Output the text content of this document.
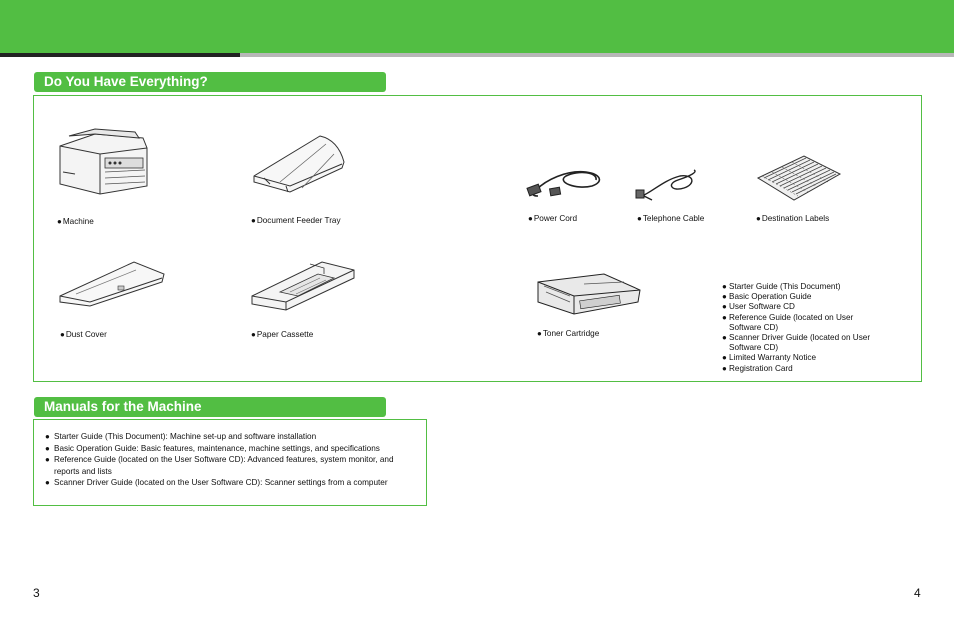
Do You Have Everything?
●Machine	●Document Feeder Tray	●Power Cord	●Telephone Cable	●Destination Labels
●Dust Cover	●Paper Cassette	●Toner Cartridge
● Starter Guide (This Document)
● Basic Operation Guide
● User Software CD
● Reference Guide (located on User Software CD)
● Scanner Driver Guide (located on User Software CD)
● Limited Warranty Notice
● Registration Card
Manuals for the Machine
● Starter Guide (This Document): Machine set-up and software installation
● Basic Operation Guide: Basic features, maintenance, machine settings, and specifications
● Reference Guide (located on the User Software CD): Advanced features, system monitor, and reports and lists
● Scanner Driver Guide (located on the User Software CD): Scanner settings from a computer
3	4
